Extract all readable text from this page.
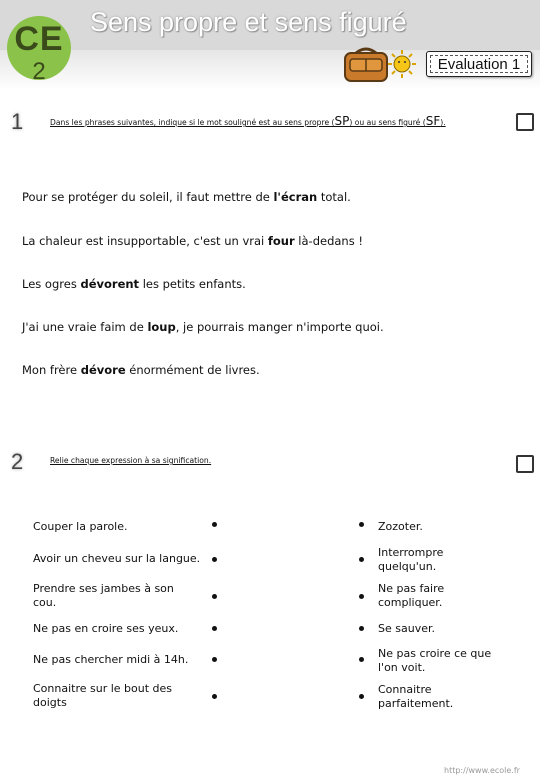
CE
2
Sens propre et sens figuré
Evaluation 1
1	Dans les phrases suivantes, indique si le mot souligné est au sens propre (SP) ou au sens figuré (SF).
Pour se protéger du soleil, il faut mettre de l'écran total.
La chaleur est insupportable, c'est un vrai four là-dedans !
Les ogres dévorent les petits enfants.
J'ai une vraie faim de loup, je pourrais manger n'importe quoi.
Mon frère dévore énormément de livres.
2	Relie chaque expression à sa signification.
Couper la parole.
Avoir un cheveu sur la langue.
Prendre ses jambes à son cou.
Ne pas en croire ses yeux.
Ne pas chercher midi à 14h.
Connaitre sur le bout des doigts
Zozoter.
Interrompre quelqu'un.
Ne pas faire compliquer.
Se sauver.
Ne pas croire ce que l'on voit.
Connaitre parfaitement.
http://www.ecole.fr
